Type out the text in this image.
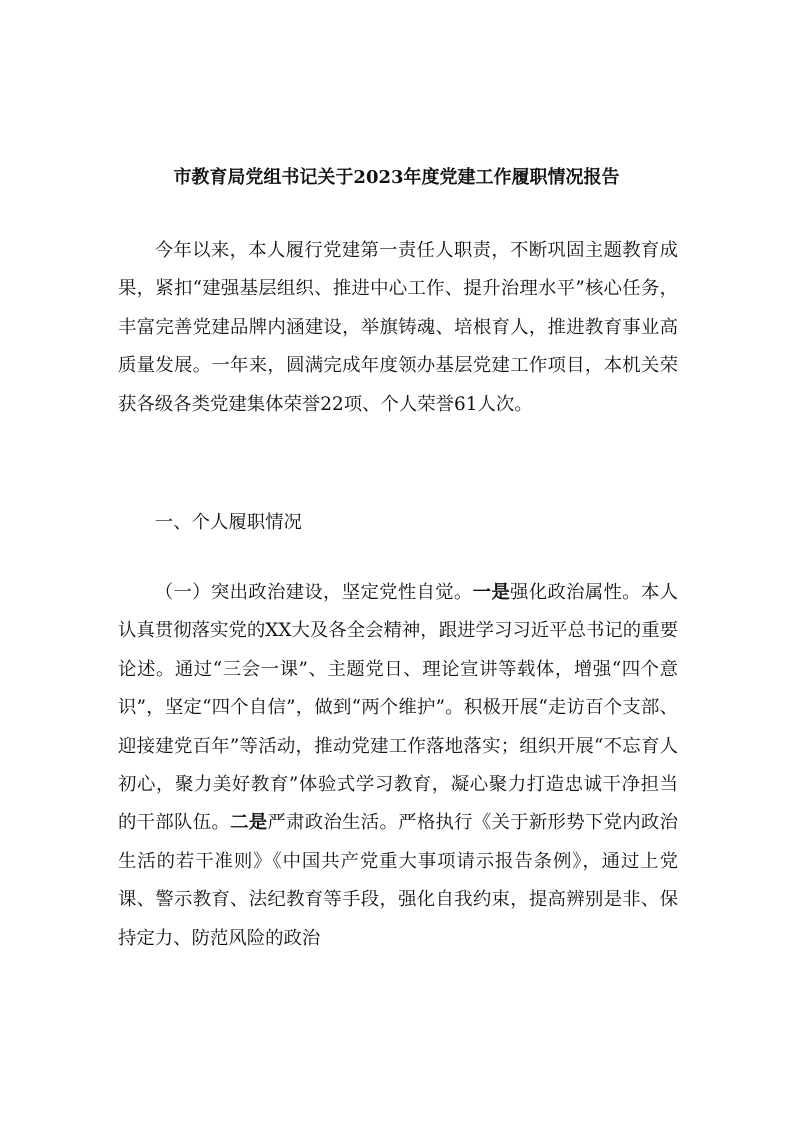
市教育局党组书记关于2023年度党建工作履职情况报告

今年以来，本人履行党建第一责任人职责，不断巩固主题教育成果，紧扣“建强基层组织、推进中心工作、提升治理水平”核心任务，丰富完善党建品牌内涵建设，举旗铸魂、培根育人，推进教育事业高质量发展。一年来，圆满完成年度领办基层党建工作项目，本机关荣获各级各类党建集体荣誉22项、个人荣誉61人次。

一、个人履职情况

（一）突出政治建设，坚定党性自觉。一是强化政治属性。本人认真贯彻落实党的XX大及各全会精神，跟进学习习近平总书记的重要论述。通过“三会一课”、主题党日、理论宣讲等载体，增强“四个意识”，坚定“四个自信”，做到“两个维护”。积极开展“走访百个支部、迎接建党百年”等活动，推动党建工作落地落实；组织开展“不忘育人初心，聚力美好教育”体验式学习教育，凝心聚力打造忠诚干净担当的干部队伍。二是严肃政治生活。严格执行《关于新形势下党内政治生活的若干准则》《中国共产党重大事项请示报告条例》，通过上党课、警示教育、法纪教育等手段，强化自我约束，提高辨别是非、保持定力、防范风险的政治
